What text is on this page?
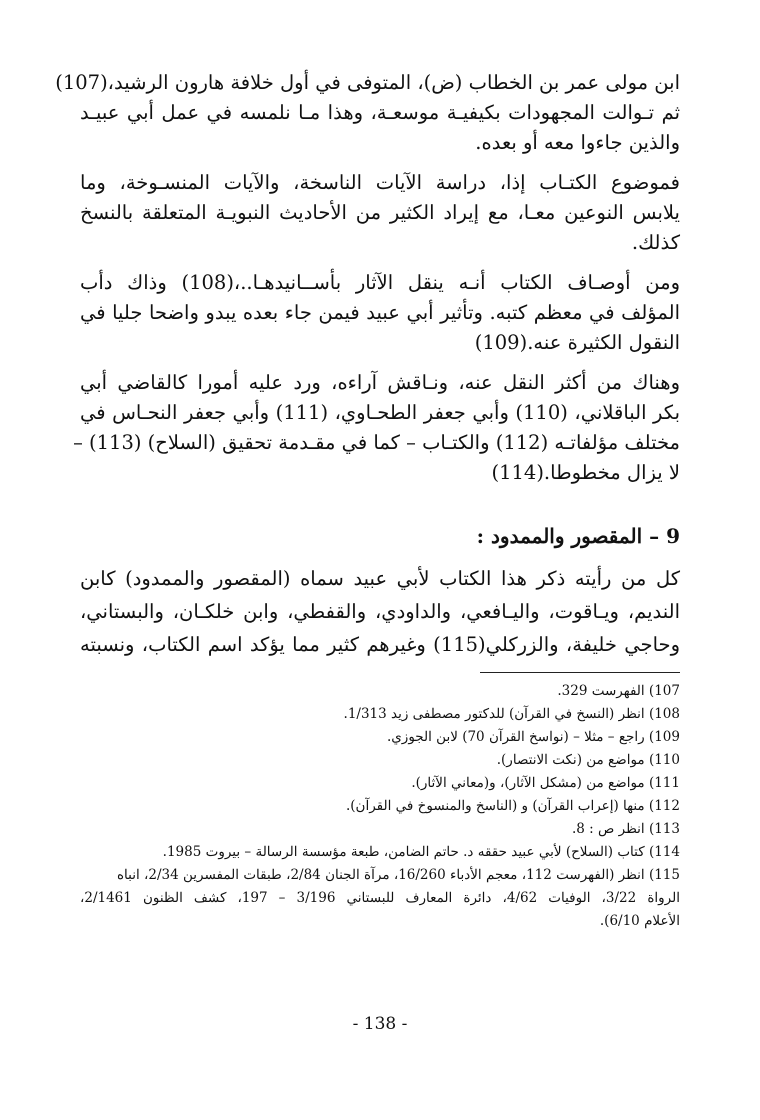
ابن مولى عمر بن الخطاب (ض)، المتوفى في أول خلافة هارون الرشيد،(107)
ثم تـوالت المجهودات بكيفيـة موسعـة، وهذا مـا نلمسه في عمل أبي عبيـد
والذين جاءوا معه أو بعده.
فموضوع الكتـاب إذا، دراسة الآيات الناسخة، والآيات المنسـوخة، وما
يلابس النوعين معـا، مع إيراد الكثير من الأحاديث النبويـة المتعلقة بالنسخ
كذلك.
ومن أوصـاف الكتاب أنـه ينقل الآثار بأســانيدهـا..،(108) وذاك دأب
المؤلف في معظم كتبه. وتأثير أبي عبيد فيمن جاء بعده يبدو واضحا جليا في
النقول الكثيرة عنه.(109)
وهناك من أكثر النقل عنه، ونـاقش آراءه، ورد عليه أمورا كالقاضي أبي
بكر الباقلاني، (110) وأبي جعفر الطحـاوي، (111) وأبي جعفر النحـاس في
مختلف مؤلفاتـه (112) والكتـاب – كما في مقـدمة تحقيق (السلاح) (113) –
لا يزال مخطوطا.(114)
9 – المقصور والممدود :
كل من رأيته ذكر هذا الكتاب لأبي عبيد سماه (المقصور والممدود) كابن
النديم، ويـاقوت، واليـافعي، والداودي، والقفطي، وابن خلكـان، والبستاني،
وحاجي خليفة، والزركلي(115) وغيرهم كثير مما يؤكد اسم الكتاب، ونسبته
107) الفهرست 329.
108) انظر (النسخ في القرآن) للدكتور مصطفى زيد 1/313.
109) راجع – مثلا – (نواسخ القرآن 70) لابن الجوزي.
110) مواضع من (نكت الانتصار).
111) مواضع من (مشكل الآثار)، و(معاني الآثار).
112) منها (إعراب القرآن) و (الناسخ والمنسوخ في القرآن).
113) انظر ص : 8.
114) كتاب (السلاح) لأبي عبيد حققه د. حاتم الضامن، طبعة مؤسسة الرسالة – بيروت 1985.
115) انظر (الفهرست 112، معجم الأدباء 16/260، مرآة الجنان 2/84، طبقات المفسرين 2/34، انباه
الرواة 3/22، الوفيات 4/62، دائرة المعارف للبستاني 3/196 – 197، كشف الظنون 2/1461،
الأعلام 6/10).
- 138 -
